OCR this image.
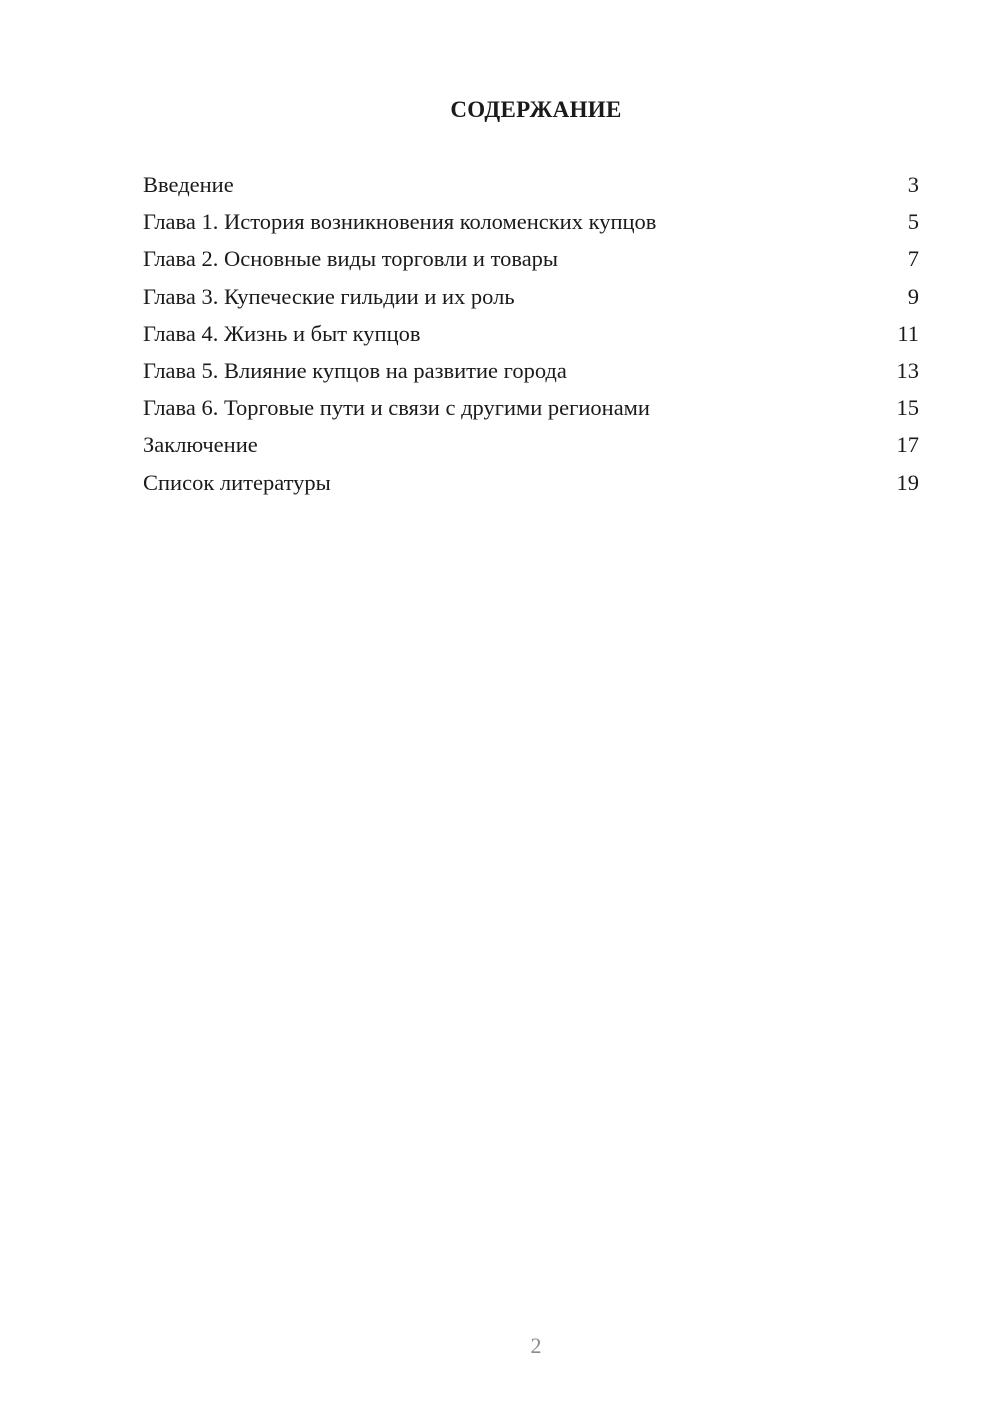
СОДЕРЖАНИЕ
Введение	3
Глава 1. История возникновения коломенских купцов	5
Глава 2. Основные виды торговли и товары	7
Глава 3. Купеческие гильдии и их роль	9
Глава 4. Жизнь и быт купцов	11
Глава 5. Влияние купцов на развитие города	13
Глава 6. Торговые пути и связи с другими регионами	15
Заключение	17
Список литературы	19
2
